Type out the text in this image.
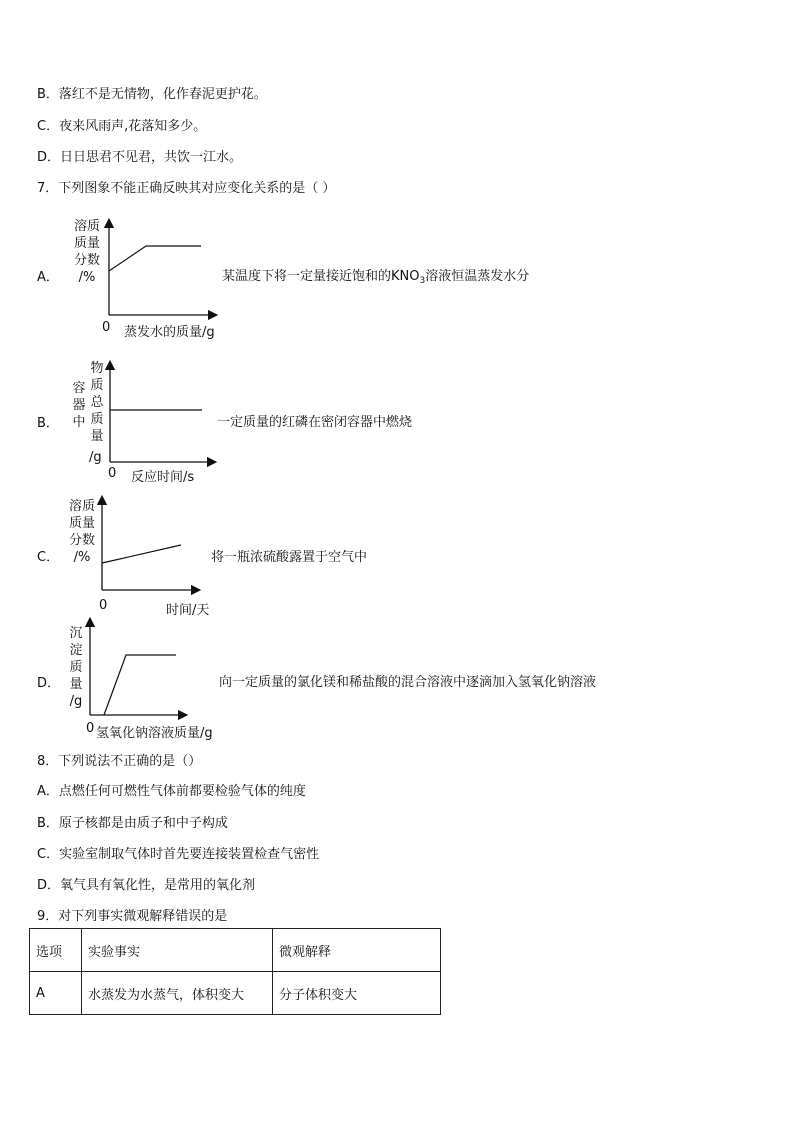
B．落红不是无情物，化作春泥更护花。
C．夜来风雨声,花落知多少。
D．日日思君不见君，共饮一江水。
7．下列图象不能正确反映其对应变化关系的是（ ）
A．
溶质
质量
分数
/%
0 蒸发水的质量/g
某温度下将一定量接近饱和的$KNO_3$溶液恒温蒸发水分
B．
物
质
总
质
量
容
器
中
/g
0 反应时间/s
一定质量的红磷在密闭容器中燃烧
C．
溶质
质量
分数
/%
0	时间/天
将一瓶浓硫酸露置于空气中
D．
沉
淀
质
量
/g
0 氢氧化钠溶液质量/g
向一定质量的氯化镁和稀盐酸的混合溶液中逐滴加入氢氧化钠溶液
8．下列说法不正确的是（）
A．点燃任何可燃性气体前都要检验气体的纯度
B．原子核都是由质子和中子构成
C．实验室制取气体时首先要连接装置检查气密性
D．氧气具有氧化性，是常用的氧化剂
9．对下列事实微观解释错误的是
选项	实验事实	微观解释
A	水蒸发为水蒸气，体积变大	分子体积变大
